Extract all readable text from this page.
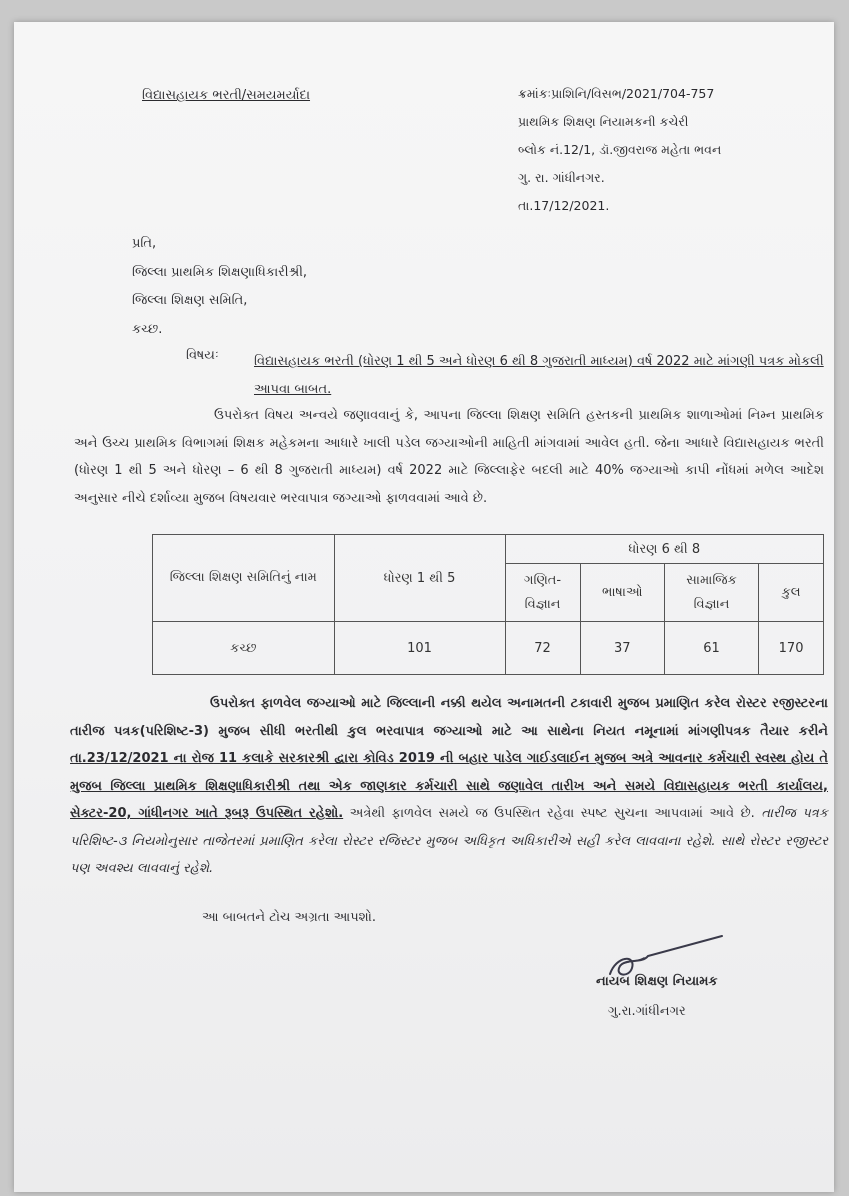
વિદ્યાસહાયક ભરતી/સમયમર્યાદા	ક્રમાંકઃપ્રાશિનિ/વિસભ/2021/704-757
પ્રાથમિક શિક્ષણ નિયામકની કચેરી
બ્લોક નં.12/1, ડૉ.જીવરાજ મહેતા ભવન
ગુ. રા. ગાંધીનગર.
તા.17/12/2021.
પ્રતિ,
જિલ્લા પ્રાથમિક શિક્ષણાધિકારીશ્રી,
જિલ્લા શિક્ષણ સમિતિ,
કચ્છ.
વિષયઃ	વિદ્યાસહાયક ભરતી (ધોરણ 1 થી 5 અને ધોરણ 6 થી 8 ગુજરાતી માધ્યમ) વર્ષ 2022 માટે માંગણી પત્રક મોકલી આપવા બાબત.
ઉપરોક્ત વિષય અન્વયે જણાવવાનું કે, આપના જિલ્લા શિક્ષણ સમિતિ હસ્તકની પ્રાથમિક શાળાઓમાં નિમ્ન પ્રાથમિક અને ઉચ્ચ પ્રાથમિક વિભાગમાં શિક્ષક મહેકમના આધારે ખાલી પડેલ જગ્યાઓની માહિતી માંગવામાં આવેલ હતી. જેના આધારે વિદ્યાસહાયક ભરતી (ધોરણ 1 થી 5 અને ધોરણ – 6 થી 8 ગુજરાતી માધ્યમ) વર્ષ 2022 માટે જિલ્લાફેર બદલી માટે 40% જગ્યાઓ કાપી નોંધમાં મળેલ આદેશ અનુસાર નીચે દર્શાવ્યા મુજબ વિષયવાર ભરવાપાત્ર જગ્યાઓ ફાળવવામાં આવે છે.
જિલ્લા શિક્ષણ સમિતિનું નામ	ધોરણ 1 થી 5	ધોરણ 6 થી 8			
		ગણિત-વિજ્ઞાન	ભાષાઓ	સામાજિક વિજ્ઞાન	કુલ
કચ્છ	101	72	37	61	170
ઉપરોક્ત ફાળવેલ જગ્યાઓ માટે જિલ્લાની નક્કી થયેલ અનામતની ટકાવારી મુજબ પ્રમાણિત કરેલ રોસ્ટર રજીસ્ટરના તારીજ પત્રક(પરિશિષ્ટ-3) મુજબ સીધી ભરતીથી કુલ ભરવાપાત્ર જગ્યાઓ માટે આ સાથેના નિયત નમૂનામાં માંગણીપત્રક તૈયાર કરીને તા.23/12/2021 ના રોજ 11 કલાકે સરકારશ્રી દ્વારા કોવિડ 2019 ની બહાર પાડેલ ગાઈડલાઈન મુજબ અત્રે આવનાર કર્મચારી સ્વસ્થ હોય તે મુજબ જિલ્લા પ્રાથમિક શિક્ષણાધિકારીશ્રી તથા એક જાણકાર કર્મચારી સાથે જણાવેલ તારીખ અને સમયે વિદ્યાસહાયક ભરતી કાર્યાલય, સેક્ટર-20, ગાંધીનગર ખાતે રૂબરૂ ઉપસ્થિત રહેશો. અત્રેથી ફાળવેલ સમયે જ ઉપસ્થિત રહેવા સ્પષ્ટ સુચના આપવામાં આવે છે. તારીજ પત્રક પરિશિષ્ટ-૩ નિયમોનુસાર તાજેતરમાં પ્રમાણિત કરેલા રોસ્ટર રજિસ્ટર મુજબ અધિકૃત અધિકારીએ સહી કરેલ લાવવાના રહેશે. સાથે રોસ્ટર રજીસ્ટર પણ અવશ્ય લાવવાનું રહેશે.
આ બાબતને ટોચ અગ્રતા આપશો.
નાયબ શિક્ષણ નિયામક
ગુ.રા.ગાંધીનગર
